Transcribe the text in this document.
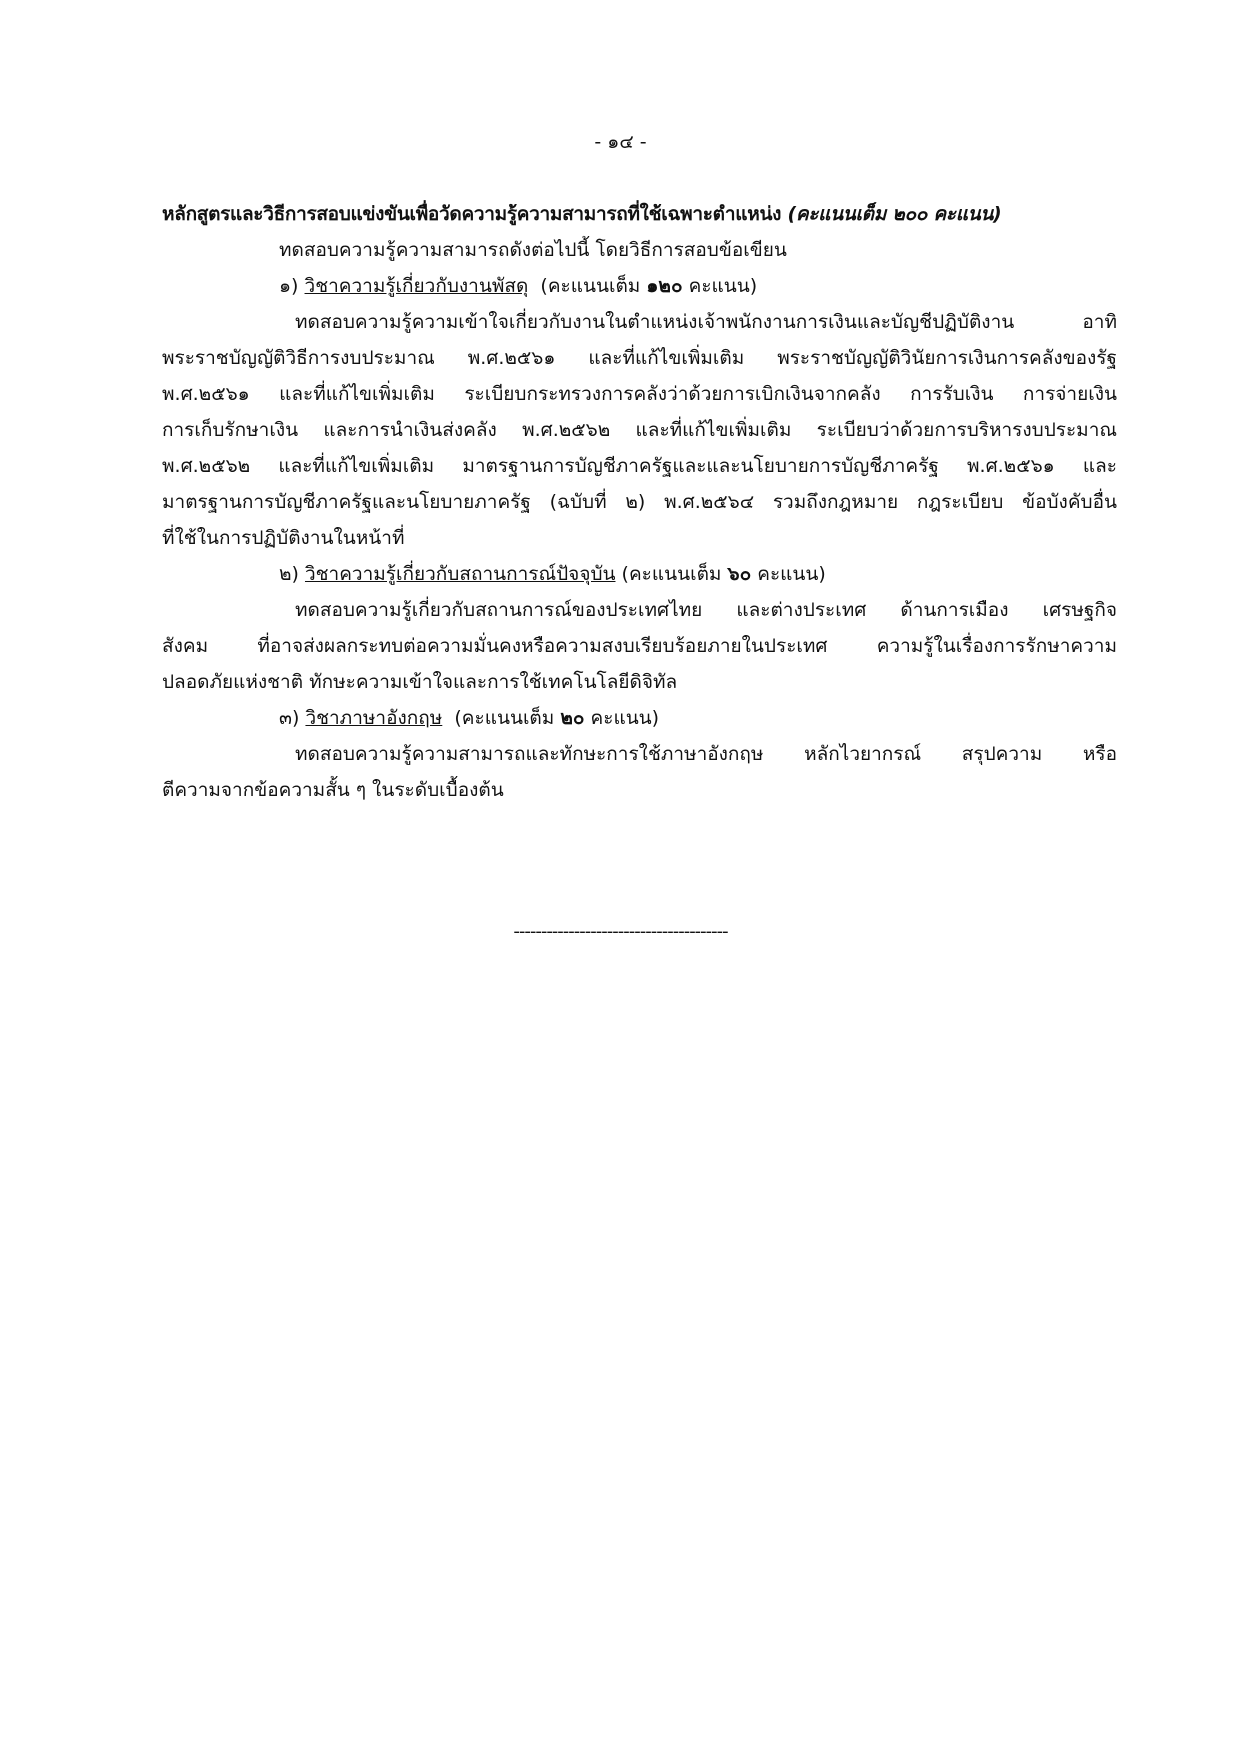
- ๑๔ -
หลักสูตรและวิธีการสอบแข่งขันเพื่อวัดความรู้ความสามารถที่ใช้เฉพาะตำแหน่ง (คะแนนเต็ม ๒๐๐ คะแนน)
ทดสอบความรู้ความสามารถดังต่อไปนี้ โดยวิธีการสอบข้อเขียน
๑) วิชาความรู้เกี่ยวกับงานพัสดุ (คะแนนเต็ม ๑๒๐ คะแนน)
ทดสอบความรู้ความเข้าใจเกี่ยวกับงานในตำแหน่งเจ้าพนักงานการเงินและบัญชีปฏิบัติงาน อาทิ
พระราชบัญญัติวิธีการงบประมาณ พ.ศ.๒๕๖๑ และที่แก้ไขเพิ่มเติม พระราชบัญญัติวินัยการเงินการคลังของรัฐ
พ.ศ.๒๕๖๑ และที่แก้ไขเพิ่มเติม ระเบียบกระทรวงการคลังว่าด้วยการเบิกเงินจากคลัง การรับเงิน การจ่ายเงิน
การเก็บรักษาเงิน และการนำเงินส่งคลัง พ.ศ.๒๕๖๒ และที่แก้ไขเพิ่มเติม ระเบียบว่าด้วยการบริหารงบประมาณ
พ.ศ.๒๕๖๒ และที่แก้ไขเพิ่มเติม มาตรฐานการบัญชีภาครัฐและและนโยบายการบัญชีภาครัฐ พ.ศ.๒๕๖๑ และ
มาตรฐานการบัญชีภาครัฐและนโยบายภาครัฐ (ฉบับที่ ๒) พ.ศ.๒๕๖๔ รวมถึงกฎหมาย กฎระเบียบ ข้อบังคับอื่น
ที่ใช้ในการปฏิบัติงานในหน้าที่
๒) วิชาความรู้เกี่ยวกับสถานการณ์ปัจจุบัน (คะแนนเต็ม ๖๐ คะแนน)
ทดสอบความรู้เกี่ยวกับสถานการณ์ของประเทศไทย และต่างประเทศ ด้านการเมือง เศรษฐกิจ
สังคม ที่อาจส่งผลกระทบต่อความมั่นคงหรือความสงบเรียบร้อยภายในประเทศ ความรู้ในเรื่องการรักษาความ
ปลอดภัยแห่งชาติ ทักษะความเข้าใจและการใช้เทคโนโลยีดิจิทัล
๓) วิชาภาษาอังกฤษ (คะแนนเต็ม ๒๐ คะแนน)
ทดสอบความรู้ความสามารถและทักษะการใช้ภาษาอังกฤษ หลักไวยากรณ์ สรุปความ หรือ
ตีความจากข้อความสั้น ๆ ในระดับเบื้องต้น
---------------------------------------
